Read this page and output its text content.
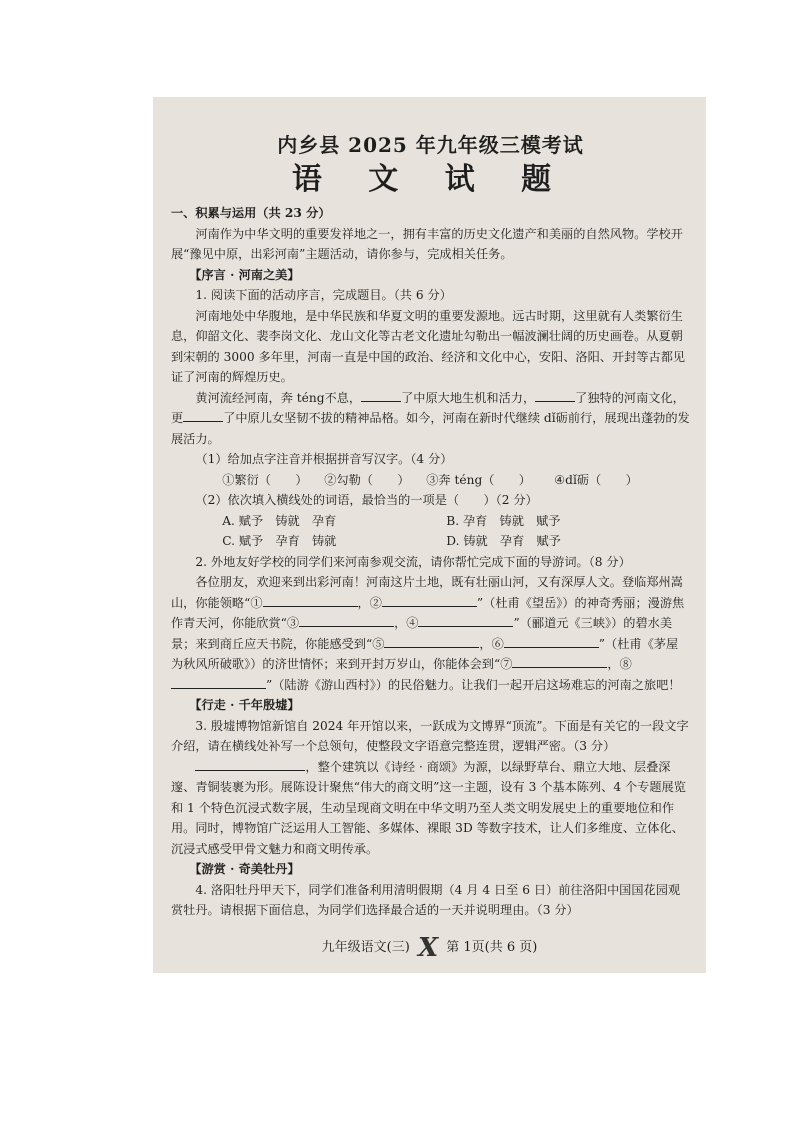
内乡县 2025 年九年级三模考试

语 文 试 题

一、积累与运用（共 23 分）

河南作为中华文明的重要发祥地之一，拥有丰富的历史文化遗产和美丽的自然风物。学校开展“豫见中原，出彩河南”主题活动，请你参与，完成相关任务。

【序言 · 河南之美】

1. 阅读下面的活动序言，完成题目。（共 6 分）

河南地处中华腹地，是中华民族和华夏文明的重要发源地。远古时期，这里就有人类繁衍生息，仰韶文化、裴李岗文化、龙山文化等古老文化遗址勾勒出一幅波澜壮阔的历史画卷。从夏朝到宋朝的 3000 多年里，河南一直是中国的政治、经济和文化中心，安阳、洛阳、开封等古都见证了河南的辉煌历史。

黄河流经河南，奔 téng不息，	了中原大地生机和活力，	了独特的河南文化，更	了中原儿女坚韧不拔的精神品格。如今，河南在新时代继续 dǐ砺前行，展现出蓬勃的发展活力。

（1）给加点字注音并根据拼音写汉字。（4 分）

①繁衍（　　）	②勾勒（　　）	③奔 téng（　　）	④dǐ砺（　　）

（2）依次填入横线处的词语，最恰当的一项是（　　）（2 分）

A. 赋予　铸就　孕育	B. 孕育　铸就　赋予
C. 赋予　孕育　铸就	D. 铸就　孕育　赋予

2. 外地友好学校的同学们来河南参观交流，请你帮忙完成下面的导游词。（8 分）

各位朋友，欢迎来到出彩河南！河南这片土地，既有壮丽山河，又有深厚人文。登临郑州嵩山，你能领略“①	，②	”（杜甫《望岳》）的神奇秀丽；漫游焦作青天河，你能欣赏“③	，④	”（郦道元《三峡》）的碧水美景；来到商丘应天书院，你能感受到“⑤	，⑥	”（杜甫《茅屋为秋风所破歌》）的济世情怀；来到开封万岁山，你能体会到“⑦	，⑧”（陆游《游山西村》）的民俗魅力。让我们一起开启这场难忘的河南之旅吧！

【行走 · 千年殷墟】

3. 殷墟博物馆新馆自 2024 年开馆以来，一跃成为文博界“顶流”。下面是有关它的一段文字介绍，请在横线处补写一个总领句，使整段文字语意完整连贯，逻辑严密。（3 分）

，整个建筑以《诗经 · 商颂》为源，以绿野草台、鼎立大地、层叠深邃、青铜装裹为形。展陈设计聚焦“伟大的商文明”这一主题，设有 3 个基本陈列、4 个专题展览和 1 个特色沉浸式数字展，生动呈现商文明在中华文明乃至人类文明发展史上的重要地位和作用。同时，博物馆广泛运用人工智能、多媒体、裸眼 3D 等数字技术，让人们多维度、立体化、沉浸式感受甲骨文魅力和商文明传承。

【游赏 · 奇美牡丹】

4. 洛阳牡丹甲天下，同学们准备利用清明假期（4 月 4 日至 6 日）前往洛阳中国国花园观赏牡丹。请根据下面信息，为同学们选择最合适的一天并说明理由。（3 分）

九年级语文(三) X 第 1页(共 6 页)
